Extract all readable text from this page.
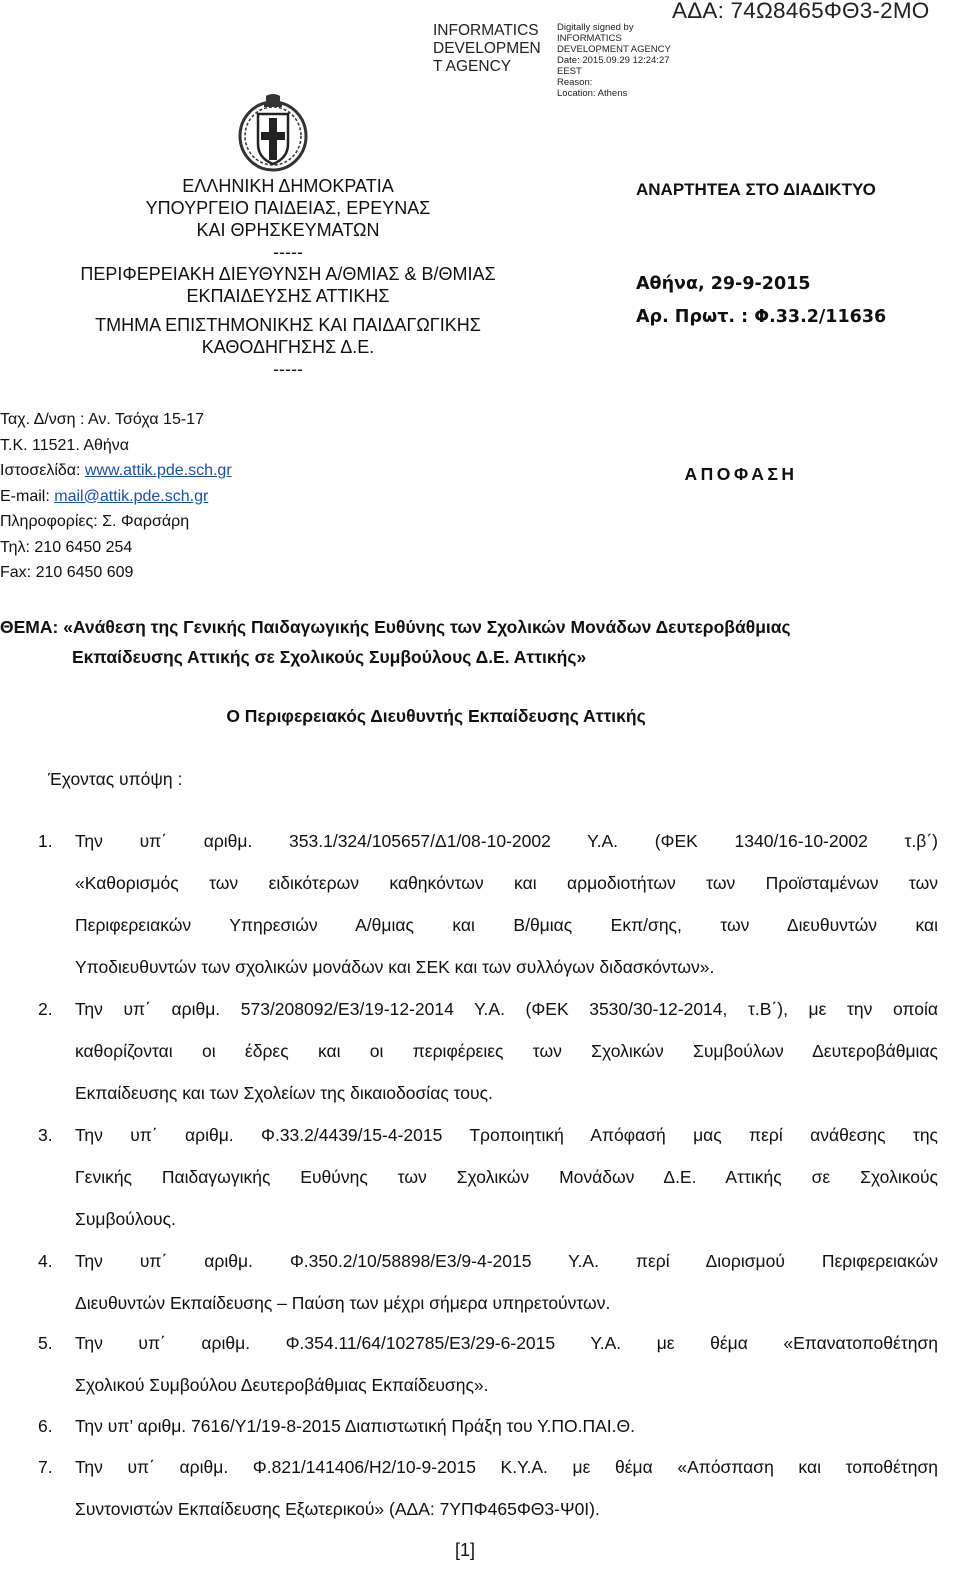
INFORMATICS
DEVELOPMEN
T AGENCY
Digitally signed by
INFORMATICS
DEVELOPMENT AGENCY
Date: 2015.09.29 12:24:27
EEST
Reason:
Location: Athens
ΑΔΑ: 74Ω8465ΦΘ3-2ΜΟ
ΕΛΛΗΝΙΚΗ ΔΗΜΟΚΡΑΤΙΑ
ΥΠΟΥΡΓΕΙΟ ΠΑΙΔΕΙΑΣ, ΕΡΕΥΝΑΣ
ΚΑΙ ΘΡΗΣΚΕΥΜΑΤΩΝ
-----
ΠΕΡΙΦΕΡΕΙΑΚΗ ΔΙΕΥΘΥΝΣΗ Α/ΘΜΙΑΣ & Β/ΘΜΙΑΣ
ΕΚΠΑΙΔΕΥΣΗΣ ΑΤΤΙΚΗΣ
ΤΜΗΜΑ ΕΠΙΣΤΗΜΟΝΙΚΗΣ ΚΑΙ ΠΑΙΔΑΓΩΓΙΚΗΣ
ΚΑΘΟΔΗΓΗΣΗΣ Δ.Ε.
-----
Ταχ. Δ/νση : Αν. Τσόχα 15-17
Τ.Κ. 11521. Αθήνα
Ιστοσελίδα: www.attik.pde.sch.gr
E-mail: mail@attik.pde.sch.gr
Πληροφορίες: Σ. Φαρσάρη
Τηλ: 210 6450 254
Fax: 210 6450 609
ΑΝΑΡΤΗΤΕΑ ΣΤΟ ΔΙΑΔΙΚΤΥΟ
Αθήνα, 29-9-2015
Αρ. Πρωτ. : Φ.33.2/11636
ΑΠΟΦΑΣΗ
ΘΕΜΑ: «Ανάθεση της Γενικής Παιδαγωγικής Ευθύνης των Σχολικών Μονάδων Δευτεροβάθμιας
Εκπαίδευσης Αττικής σε Σχολικούς Συμβούλους Δ.Ε. Αττικής»
Ο Περιφερειακός Διευθυντής Εκπαίδευσης Αττικής
Έχοντας υπόψη :
1. Την υπ΄ αριθμ. 353.1/324/105657/Δ1/08-10-2002 Υ.Α. (ΦΕΚ 1340/16-10-2002 τ.β΄)
«Καθορισμός των ειδικότερων καθηκόντων και αρμοδιοτήτων των Προϊσταμένων των
Περιφερειακών Υπηρεσιών Α/θμιας και Β/θμιας Εκπ/σης, των Διευθυντών και
Υποδιευθυντών των σχολικών μονάδων και ΣΕΚ και των συλλόγων διδασκόντων».
2. Την υπ΄ αριθμ. 573/208092/Ε3/19-12-2014 Υ.Α. (ΦΕΚ 3530/30-12-2014, τ.Β΄), με την οποία
καθορίζονται οι έδρες και οι περιφέρειες των Σχολικών Συμβούλων Δευτεροβάθμιας
Εκπαίδευσης και των Σχολείων της δικαιοδοσίας τους.
3. Την υπ΄ αριθμ. Φ.33.2/4439/15-4-2015 Τροποιητική Απόφασή μας περί ανάθεσης της
Γενικής Παιδαγωγικής Ευθύνης των Σχολικών Μονάδων Δ.Ε. Αττικής σε Σχολικούς
Συμβούλους.
4. Την υπ΄ αριθμ. Φ.350.2/10/58898/Ε3/9-4-2015 Υ.Α. περί Διορισμού Περιφερειακών
Διευθυντών Εκπαίδευσης – Παύση των μέχρι σήμερα υπηρετούντων.
5. Την υπ΄ αριθμ. Φ.354.11/64/102785/Ε3/29-6-2015 Υ.Α. με θέμα «Επανατοποθέτηση
Σχολικού Συμβούλου Δευτεροβάθμιας Εκπαίδευσης».
6. Την υπ’ αριθμ. 7616/Υ1/19-8-2015 Διαπιστωτική Πράξη του Υ.ΠΟ.ΠΑΙ.Θ.
7. Την υπ΄ αριθμ. Φ.821/141406/Η2/10-9-2015 Κ.Υ.Α. με θέμα «Απόσπαση και τοποθέτηση
Συντονιστών Εκπαίδευσης Εξωτερικού» (ΑΔΑ: 7ΥΠΦ465ΦΘ3-Ψ0Ι).
[1]
